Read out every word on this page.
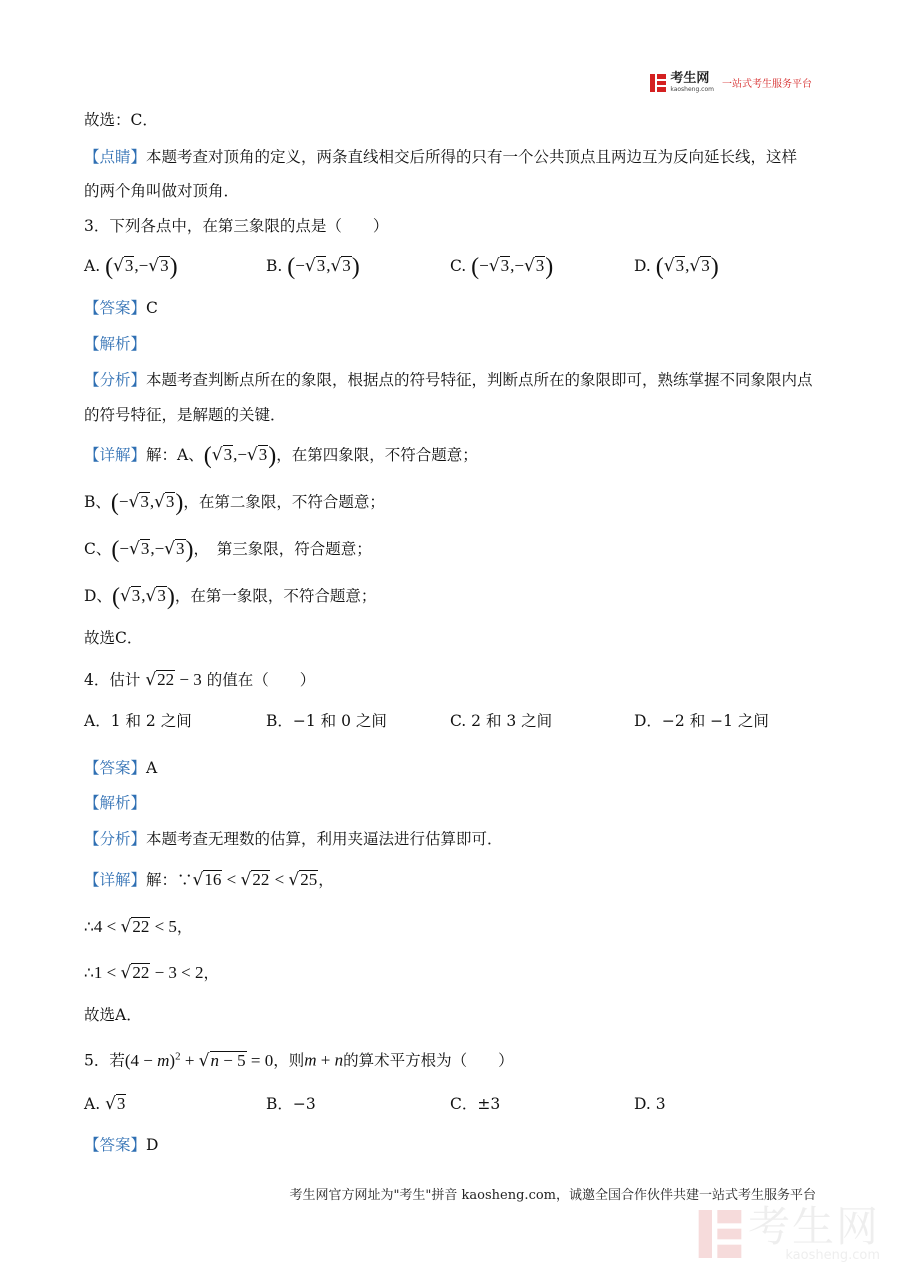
考生网
kaosheng.com 一站式考生服务平台
故选：C．
【点睛】本题考查对顶角的定义，两条直线相交后所得的只有一个公共顶点且两边互为反向延长线，这样
的两个角叫做对顶角．
3．下列各点中，在第三象限的点是（　　）
A. (√3,−√3)	B. (−√3,√3)	C. (−√3,−√3)	D. (√3,√3)
【答案】C
【解析】
【分析】本题考查判断点所在的象限，根据点的符号特征，判断点所在的象限即可，熟练掌握不同象限内点
的符号特征，是解题的关键．
【详解】解：A、(√3,−√3)，在第四象限，不符合题意；
B、(−√3,√3)，在第二象限，不符合题意；
C、(−√3,−√3)，　第三象限，符合题意；
D、(√3,√3)，在第一象限，不符合题意；
故选C．
4．估计 √22 − 3 的值在（　　）
A．1 和 2 之间	B．−1 和 0 之间	C. 2 和 3 之间	D．−2 和 −1 之间
【答案】A
【解析】
【分析】本题考查无理数的估算，利用夹逼法进行估算即可．
【详解】解：∵√16 < √22 < √25，
∴4 < √22 < 5，
∴1 < √22 − 3 < 2，
故选A．
5．若$(4 - m)^2 + √n - 5 = 0$，则m + n的算术平方根为（　　）
A. √3	B．−3	C．±3	D. 3
【答案】D
考生网官方网址为"考生"拼音 kaosheng.com，诚邀全国合作伙伴共建一站式考生服务平台
考生网
kaosheng.com
